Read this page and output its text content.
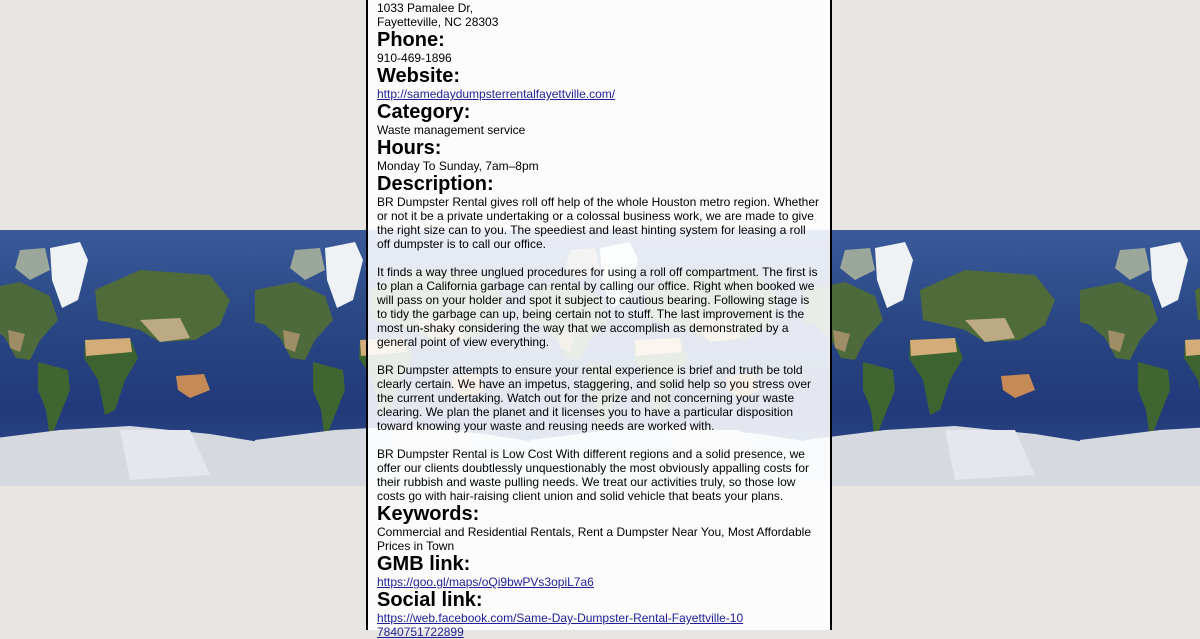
1033 Pamalee Dr,
Fayetteville, NC 28303
Phone:
910-469-1896
Website:
http://samedaydumpsterrentalfayettville.com/
Category:
Waste management service
Hours:
Monday To Sunday, 7am–8pm
Description:

BR Dumpster Rental gives roll off help of the whole Houston metro region. Whether or not it be a private undertaking or a colossal business work, we are made to give the right size can to you. The speediest and least hinting system for leasing a roll off dumpster is to call our office.

It finds a way three unglued procedures for using a roll off compartment. The first is to plan a California garbage can rental by calling our office. Right when booked we will pass on your holder and spot it subject to cautious bearing. Following stage is to tidy the garbage can up, being certain not to stuff. The last improvement is the most un-shaky considering the way that we accomplish as demonstrated by a general point of view everything.

BR Dumpster attempts to ensure your rental experience is brief and truth be told clearly certain. We have an impetus, staggering, and solid help so you stress over the current undertaking. Watch out for the prize and not concerning your waste clearing. We plan the planet and it licenses you to have a particular disposition toward knowing your waste and reusing needs are worked with.

BR Dumpster Rental is Low Cost With different regions and a solid presence, we offer our clients doubtlessly unquestionably the most obviously appalling costs for their rubbish and waste pulling needs. We treat our activities truly, so those low costs go with hair-raising client union and solid vehicle that beats your plans.

Keywords:
Commercial and Residential Rentals, Rent a Dumpster Near You, Most Affordable Prices in Town
GMB link:
https://goo.gl/maps/oQi9bwPVs3opiL7a6
Social link:
https://web.facebook.com/Same-Day-Dumpster-Rental-Fayettville-107840751722899
